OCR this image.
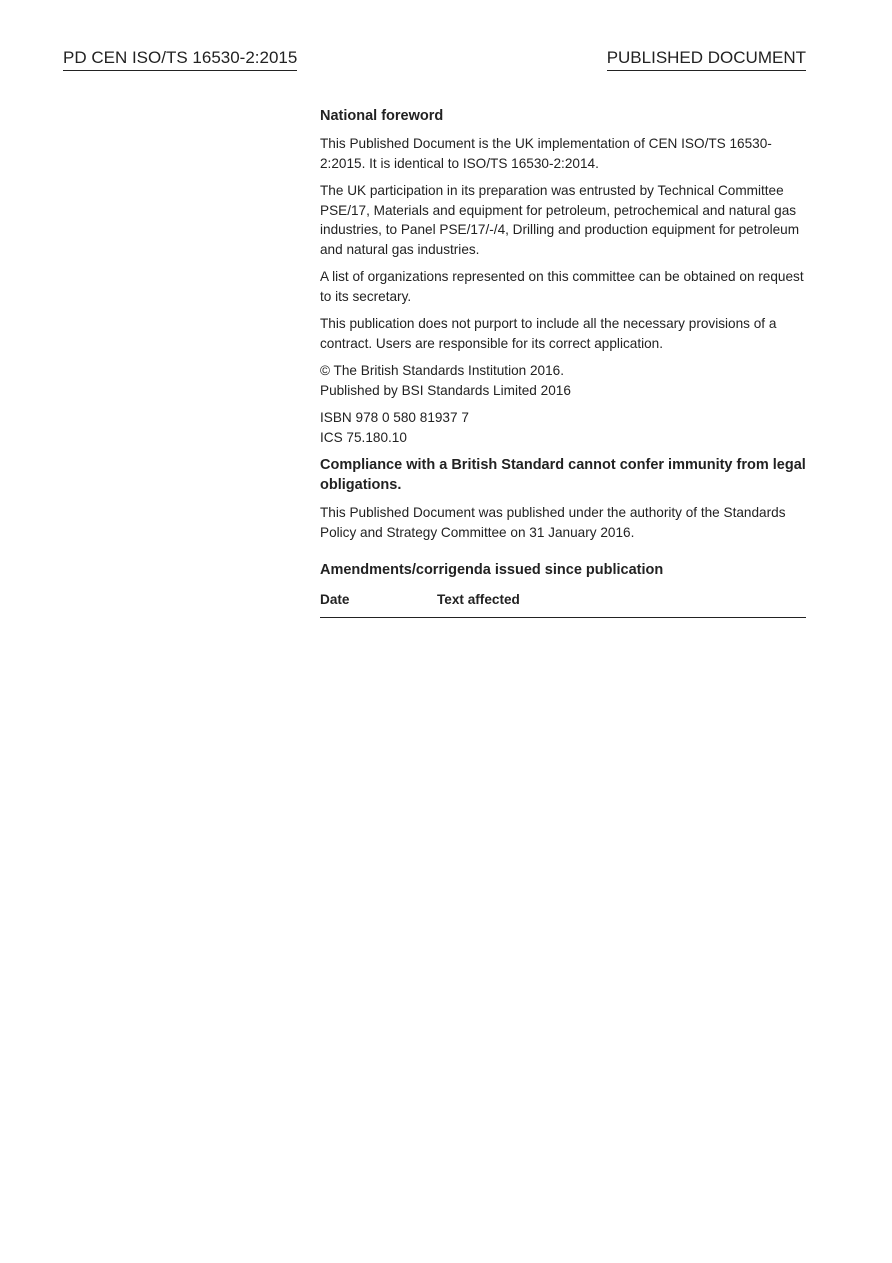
PD CEN ISO/TS 16530-2:2015	PUBLISHED DOCUMENT
National foreword

This Published Document is the UK implementation of CEN ISO/TS 16530-2:2015. It is identical to ISO/TS 16530-2:2014.

The UK participation in its preparation was entrusted by Technical Committee PSE/17, Materials and equipment for petroleum, petrochemical and natural gas industries, to Panel PSE/17/-/4, Drilling and production equipment for petroleum and natural gas industries.

A list of organizations represented on this committee can be obtained on request to its secretary.

This publication does not purport to include all the necessary provisions of a contract. Users are responsible for its correct application.

© The British Standards Institution 2016.
Published by BSI Standards Limited 2016

ISBN 978 0 580 81937 7
ICS 75.180.10

Compliance with a British Standard cannot confer immunity from legal obligations.

This Published Document was published under the authority of the Standards Policy and Strategy Committee on 31 January 2016.

Amendments/corrigenda issued since publication
Date	Text affected
